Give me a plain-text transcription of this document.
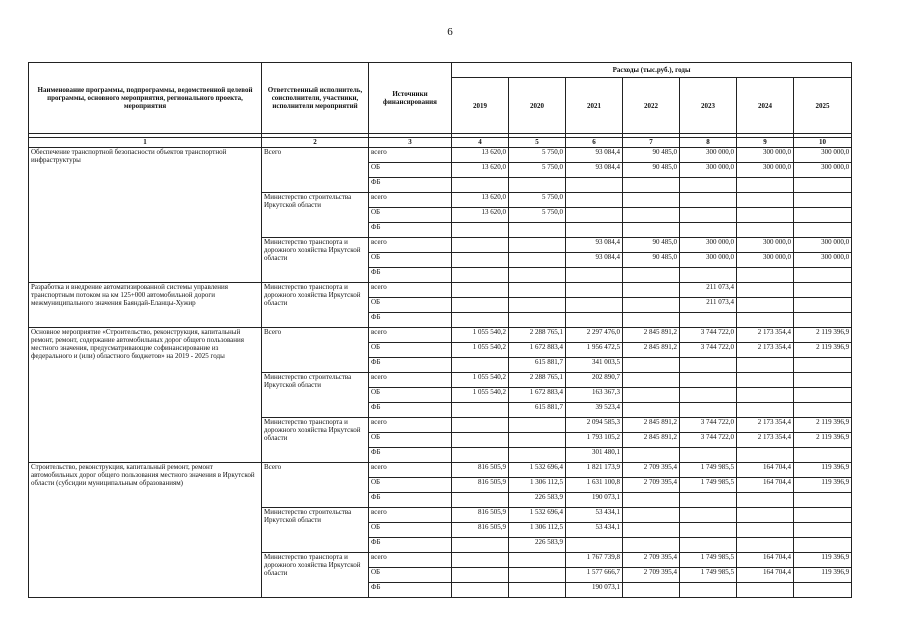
6
Наименование программы, подпрограммы, ведомственной целевой программы, основного мероприятия, регионального проекта, мероприятия	Ответственный исполнитель, соисполнители, участники, исполнители мероприятий	Источники финансирования	Расходы (тыс.руб.), годы						
			2019	2020	2021	2022	2023	2024	2025

1	2	3	4	5	6	7	8	9	10
Обеспечение транспортной безопасности объектов транспортной инфраструктуры	Всего	всего	13 620,0	5 750,0	93 084,4	90 485,0	300 000,0	300 000,0	300 000,0
		ОБ	13 620,0	5 750,0	93 084,4	90 485,0	300 000,0	300 000,0	300 000,0
		ФБ							
	Министерство строительства Иркутской области	всего	13 620,0	5 750,0					
		ОБ	13 620,0	5 750,0					
		ФБ							
	Министерство транспорта и дорожного хозяйства Иркутской области	всего			93 084,4	90 485,0	300 000,0	300 000,0	300 000,0
		ОБ			93 084,4	90 485,0	300 000,0	300 000,0	300 000,0
		ФБ							
Разработка и внедрение автоматизированной системы управления транспортным потоком на км 125+000 автомобильной дороги межмуниципального значения Баяндай-Еланцы-Хужир	Министерство транспорта и дорожного хозяйства Иркутской области	всего					211 073,4		
		ОБ					211 073,4		
		ФБ							
Основное мероприятие «Строительство, реконструкция, капитальный ремонт, ремонт, содержание автомобильных дорог общего пользования местного значения, предусматривающие софинансирование из федерального и (или) областного бюджетов» на 2019 - 2025 годы	Всего	всего	1 055 540,2	2 288 765,1	2 297 476,0	2 845 891,2	3 744 722,0	2 173 354,4	2 119 396,9
		ОБ	1 055 540,2	1 672 883,4	1 956 472,5	2 845 891,2	3 744 722,0	2 173 354,4	2 119 396,9
		ФБ		615 881,7	341 003,5				
	Министерство строительства Иркутской области	всего	1 055 540,2	2 288 765,1	202 890,7				
		ОБ	1 055 540,2	1 672 883,4	163 367,3				
		ФБ		615 881,7	39 523,4				
	Министерство транспорта и дорожного хозяйства Иркутской области	всего			2 094 585,3	2 845 891,2	3 744 722,0	2 173 354,4	2 119 396,9
		ОБ			1 793 105,2	2 845 891,2	3 744 722,0	2 173 354,4	2 119 396,9
		ФБ			301 480,1				
Строительство, реконструкция, капитальный ремонт, ремонт автомобильных дорог общего пользования местного значения в Иркутской области (субсидии муниципальным образованиям)	Всего	всего	816 505,9	1 532 696,4	1 821 173,9	2 709 395,4	1 749 985,5	164 704,4	119 396,9
		ОБ	816 505,9	1 306 112,5	1 631 100,8	2 709 395,4	1 749 985,5	164 704,4	119 396,9
		ФБ		226 583,9	190 073,1				
	Министерство строительства Иркутской области	всего	816 505,9	1 532 696,4	53 434,1				
		ОБ	816 505,9	1 306 112,5	53 434,1				
		ФБ		226 583,9					
	Министерство транспорта и дорожного хозяйства Иркутской области	всего			1 767 739,8	2 709 395,4	1 749 985,5	164 704,4	119 396,9
		ОБ			1 577 666,7	2 709 395,4	1 749 985,5	164 704,4	119 396,9
		ФБ			190 073,1				
